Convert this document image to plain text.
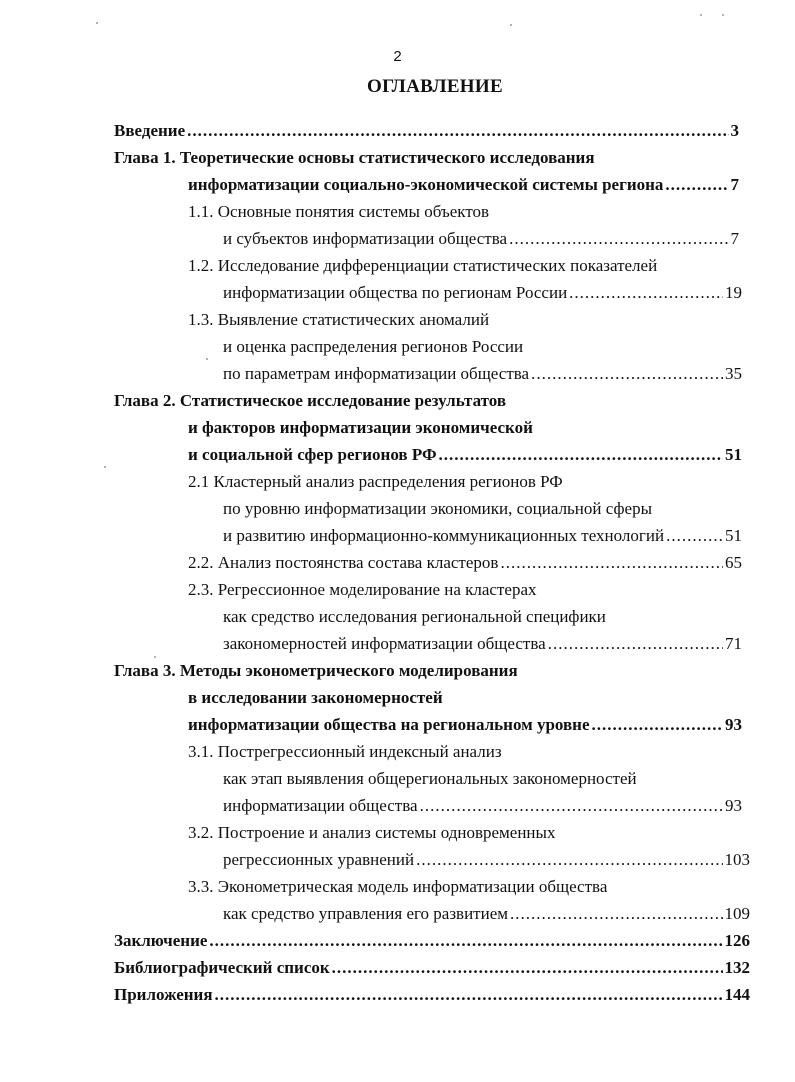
2
ОГЛАВЛЕНИЕ
Введение .....	3
Глава 1. Теоретические основы статистического исследования
информатизации социально-экономической системы региона .....	7
1.1. Основные понятия системы объектов
и субъектов информатизации общества .....	7
1.2. Исследование дифференциации статистических показателей
информатизации общества по регионам России .....	19
1.3. Выявление статистических аномалий
и оценка распределения регионов России
по параметрам информатизации общества .....	35
Глава 2. Статистическое исследование результатов
и факторов информатизации экономической
и социальной сфер регионов РФ .....	51
2.1 Кластерный анализ распределения регионов РФ
по уровню информатизации экономики, социальной сферы
и развитию информационно-коммуникационных технологий .....	51
2.2. Анализ постоянства состава кластеров .....	65
2.3. Регрессионное моделирование на кластерах
как средство исследования региональной специфики
закономерностей информатизации общества .....	71
Глава 3. Методы эконометрического моделирования
в исследовании закономерностей
информатизации общества на региональном уровне .....	93
3.1. Пострегрессионный индексный анализ
как этап выявления общерегиональных закономерностей
информатизации общества .....	93
3.2. Построение и анализ системы одновременных
регрессионных уравнений .....	103
3.3. Эконометрическая модель информатизации общества
как средство управления его развитием .....	109
Заключение .....	126
Библиографический список .....	132
Приложения .....	144
